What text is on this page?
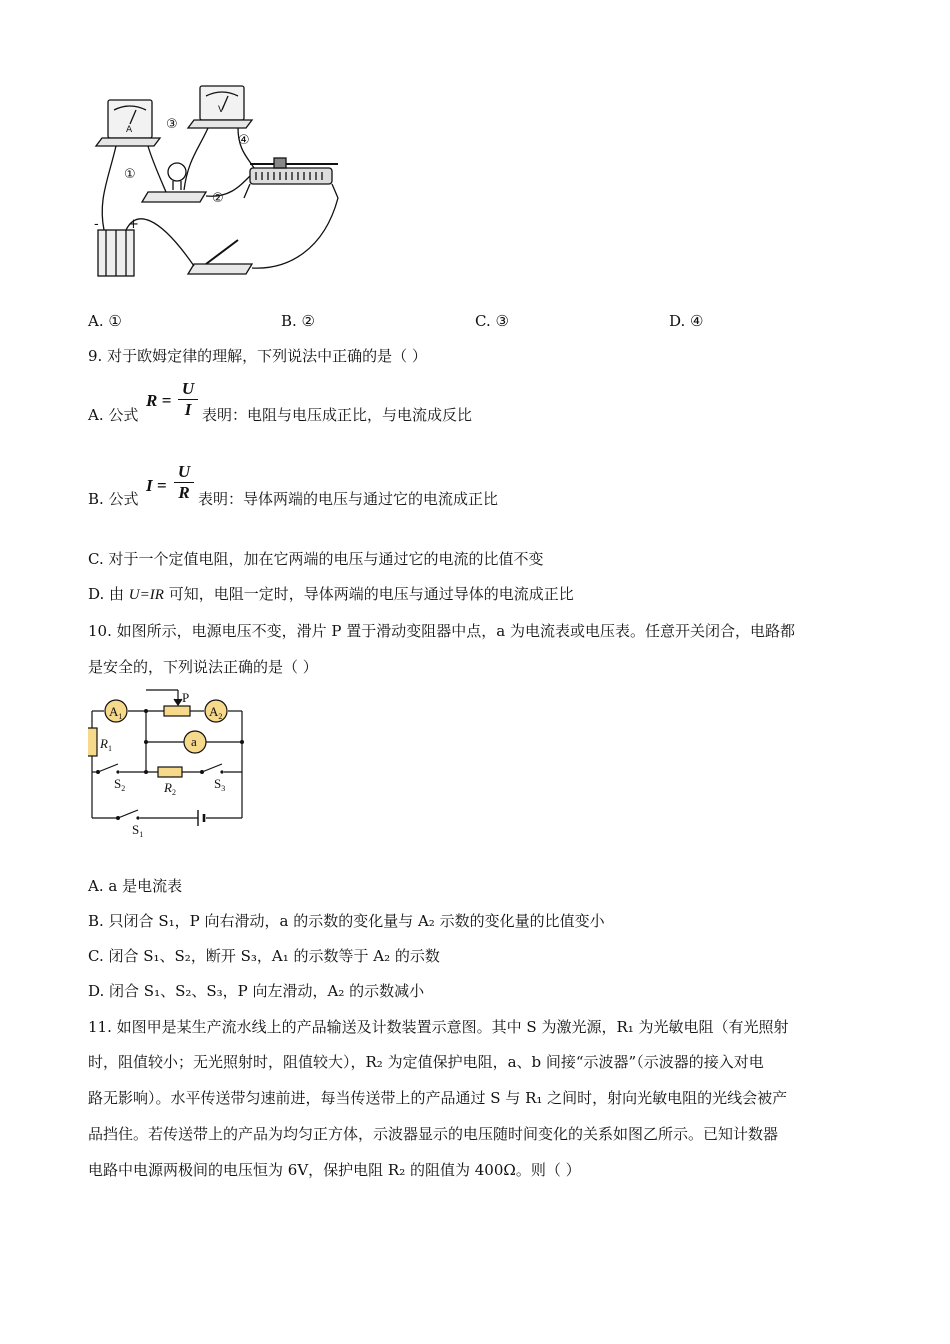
A
V
①
②
③
④
- +
A. ①	B. ②	C. ③	D. ④
9. 对于欧姆定律的理解，下列说法中正确的是（ ）
A. 公式
R =
U
I 表明：电阻与电压成正比，与电流成反比
B. 公式
I =
U
R 表明：导体两端的电压与通过它的电流成正比
C. 对于一个定值电阻，加在它两端的电压与通过它的电流的比值不变
D. 由 U=IR 可知，电阻一定时，导体两端的电压与通过导体的电流成正比
10. 如图所示，电源电压不变，滑片 P 置于滑动变阻器中点，a 为电流表或电压表。任意开关闭合，电路都
是安全的，下列说法正确的是（ ）
$A_1$	$A_2$
P
$R_1$	a
$S_2$	$R_2$
$S_3$
$S_1$
A. a 是电流表
B. 只闭合 S₁，P 向右滑动，a 的示数的变化量与 A₂ 示数的变化量的比值变小
C. 闭合 S₁、S₂，断开 S₃，A₁ 的示数等于 A₂ 的示数
D. 闭合 S₁、S₂、S₃，P 向左滑动，A₂ 的示数减小
11. 如图甲是某生产流水线上的产品输送及计数装置示意图。其中 S 为激光源，R₁ 为光敏电阻（有光照射
时，阻值较小；无光照射时，阻值较大），R₂ 为定值保护电阻，a、b 间接“示波器”（示波器的接入对电
路无影响）。水平传送带匀速前进，每当传送带上的产品通过 S 与 R₁ 之间时，射向光敏电阻的光线会被产
品挡住。若传送带上的产品为均匀正方体，示波器显示的电压随时间变化的关系如图乙所示。已知计数器
电路中电源两极间的电压恒为 6V，保护电阻 R₂ 的阻值为 400Ω。则（ ）
